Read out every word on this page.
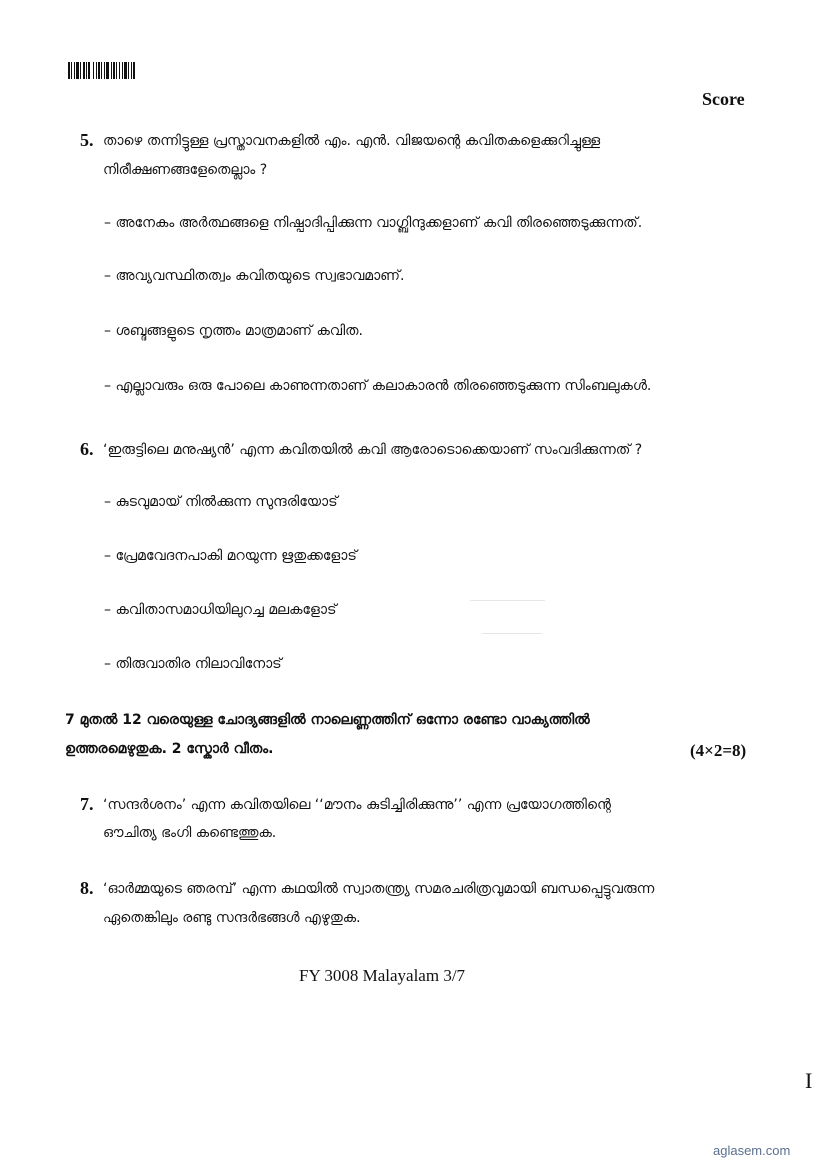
Score
5. താഴെ തന്നിട്ടുള്ള പ്രസ്താവനകളിൽ എം. എൻ. വിജയന്റെ കവിതകളെക്കുറിച്ചുള്ള
നിരീക്ഷണങ്ങളേതെല്ലാം ?
– അനേകം അർത്ഥങ്ങളെ നിഷ്പാദിപ്പിക്കുന്ന വാഗ്ബിന്ദുക്കളാണ് കവി തിരഞ്ഞെടുക്കുന്നത്.
– അവ്യവസ്ഥിതത്വം കവിതയുടെ സ്വഭാവമാണ്.
– ശബ്ദങ്ങളുടെ നൃത്തം മാത്രമാണ് കവിത.
– എല്ലാവരും ഒരു പോലെ കാണുന്നതാണ് കലാകാരൻ തിരഞ്ഞെടുക്കുന്ന സിംബലുകൾ.
6. ‘ഇരുട്ടിലെ മനുഷ്യൻ’ എന്ന കവിതയിൽ കവി ആരോടൊക്കെയാണ് സംവദിക്കുന്നത് ?
– കുടവുമായ് നിൽക്കുന്ന സുന്ദരിയോട്
– പ്രേമവേദനപാകി മറയുന്ന ഋതുക്കളോട്
– കവിതാസമാധിയിലുറച്ച മലകളോട്
– തിരുവാതിര നിലാവിനോട്
7 മുതൽ 12 വരെയുള്ള ചോദ്യങ്ങളിൽ നാലെണ്ണത്തിന് ഒന്നോ രണ്ടോ വാക്യത്തിൽ
ഉത്തരമെഴുതുക. 2 സ്കോർ വീതം.	(4×2=8)
7. ‘സന്ദർശനം’ എന്ന കവിതയിലെ ‘‘മൗനം കുടിച്ചിരിക്കുന്നു’’ എന്ന പ്രയോഗത്തിന്റെ
ഔചിത്യ ഭംഗി കണ്ടെത്തുക.
8. ‘ഓർമ്മയുടെ ഞരമ്പ്’ എന്ന കഥയിൽ സ്വാതന്ത്ര്യ സമരചരിത്രവുമായി ബന്ധപ്പെട്ടുവരുന്ന
ഏതെങ്കിലും രണ്ടു സന്ദർഭങ്ങൾ എഴുതുക.
FY 3008 Malayalam 3/7
I
aglasem.com
